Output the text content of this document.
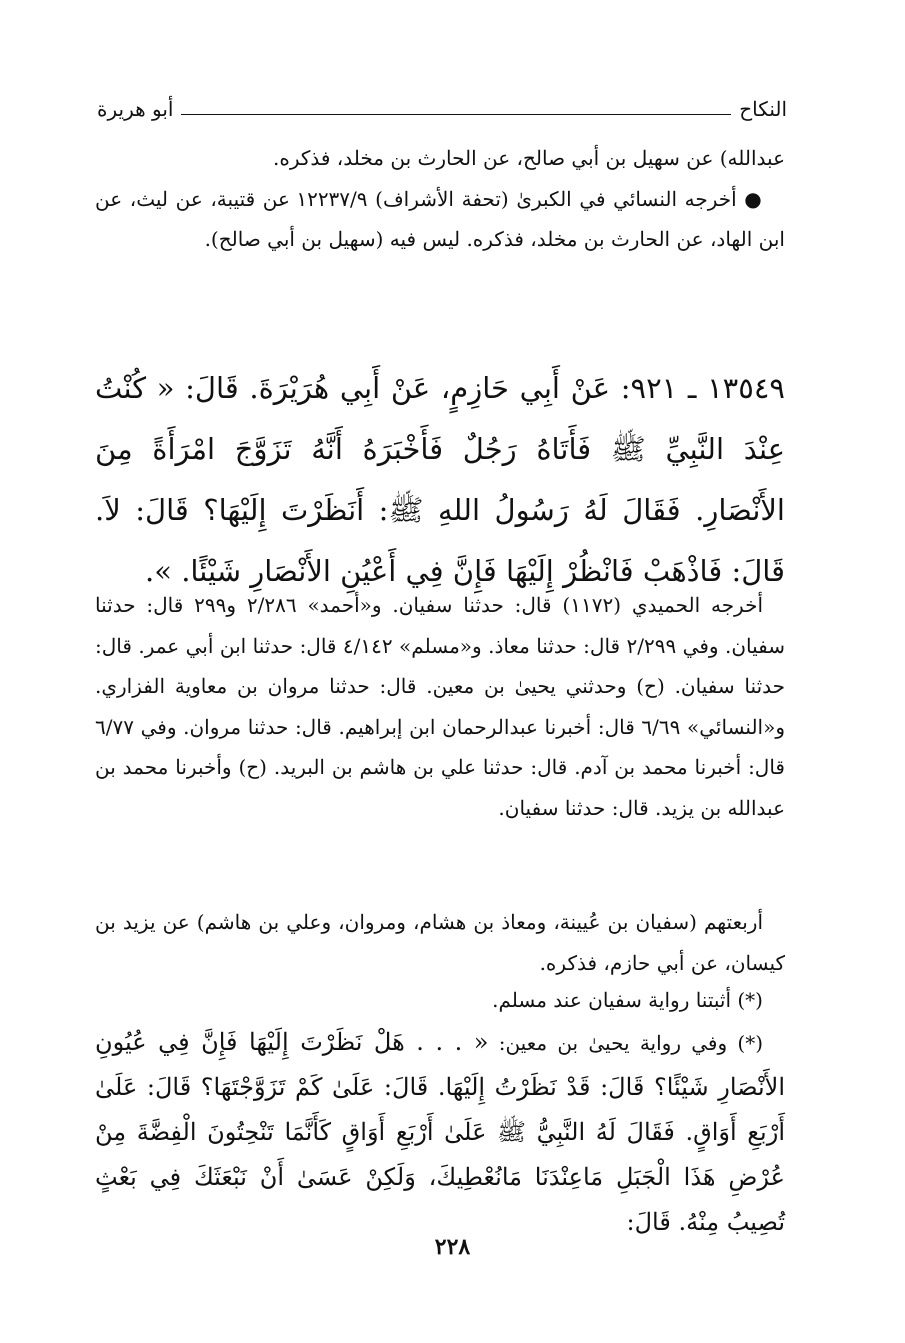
النكاح
أبو هريرة
عبدالله) عن سهيل بن أبي صالح، عن الحارث بن مخلد، فذكره.
● أخرجه النسائي في الكبرىٰ (تحفة الأشراف) ١٢٢٣٧/٩ عن قتيبة، عن ليث، عن ابن الهاد، عن الحارث بن مخلد، فذكره. ليس فيه (سهيل بن أبي صالح).
١٣٥٤٩ ـ ٩٢١: عَنْ أَبِي حَازِمٍ، عَنْ أَبِي هُرَيْرَةَ. قَالَ: « كُنْتُ عِنْدَ النَّبِيِّ ﷺ فَأَتَاهُ رَجُلٌ فَأَخْبَرَهُ أَنَّهُ تَزَوَّجَ امْرَأَةً مِنَ الأَنْصَارِ. فَقَالَ لَهُ رَسُولُ اللهِ ﷺ: أَنَظَرْتَ إِلَيْهَا؟ قَالَ: لاَ. قَالَ: فَاذْهَبْ فَانْظُرْ إِلَيْهَا فَإِنَّ فِي أَعْيُنِ الأَنْصَارِ شَيْئًا. ».
أخرجه الحميدي (١١٧٢) قال: حدثنا سفيان. و«أحمد» ٢/٢٨٦ و٢٩٩ قال: حدثنا سفيان. وفي ٢/٢٩٩ قال: حدثنا معاذ. و«مسلم» ٤/١٤٢ قال: حدثنا ابن أبي عمر. قال: حدثنا سفيان. (ح) وحدثني يحيىٰ بن معين. قال: حدثنا مروان بن معاوية الفزاري. و«النسائي» ٦/٦٩ قال: أخبرنا عبدالرحمان ابن إبراهيم. قال: حدثنا مروان. وفي ٦/٧٧ قال: أخبرنا محمد بن آدم. قال: حدثنا علي بن هاشم بن البريد. (ح) وأخبرنا محمد بن عبدالله بن يزيد. قال: حدثنا سفيان.
أربعتهم (سفيان بن عُيينة، ومعاذ بن هشام، ومروان، وعلي بن هاشم) عن يزيد بن كيسان، عن أبي حازم، فذكره.
(*) أثبتنا رواية سفيان عند مسلم.
(*) وفي رواية يحيىٰ بن معين: « . . . هَلْ نَظَرْتَ إِلَيْهَا فَإِنَّ فِي عُيُونِ الأَنْصَارِ شَيْئًا؟ قَالَ: قَدْ نَظَرْتُ إِلَيْهَا. قَالَ: عَلَىٰ كَمْ تَزَوَّجْتَهَا؟ قَالَ: عَلَىٰ أَرْبَعِ أَوَاقٍ. فَقَالَ لَهُ النَّبِيُّ ﷺ عَلَىٰ أَرْبَعِ أَوَاقٍ كَأَنَّمَا تَنْحِتُونَ الْفِضَّةَ مِنْ عُرْضِ هَذَا الْجَبَلِ مَاعِنْدَنَا مَانُعْطِيكَ، وَلَكِنْ عَسَىٰ أَنْ نَبْعَثَكَ فِي بَعْثٍ تُصِيبُ مِنْهُ. قَالَ:
٢٢٨
